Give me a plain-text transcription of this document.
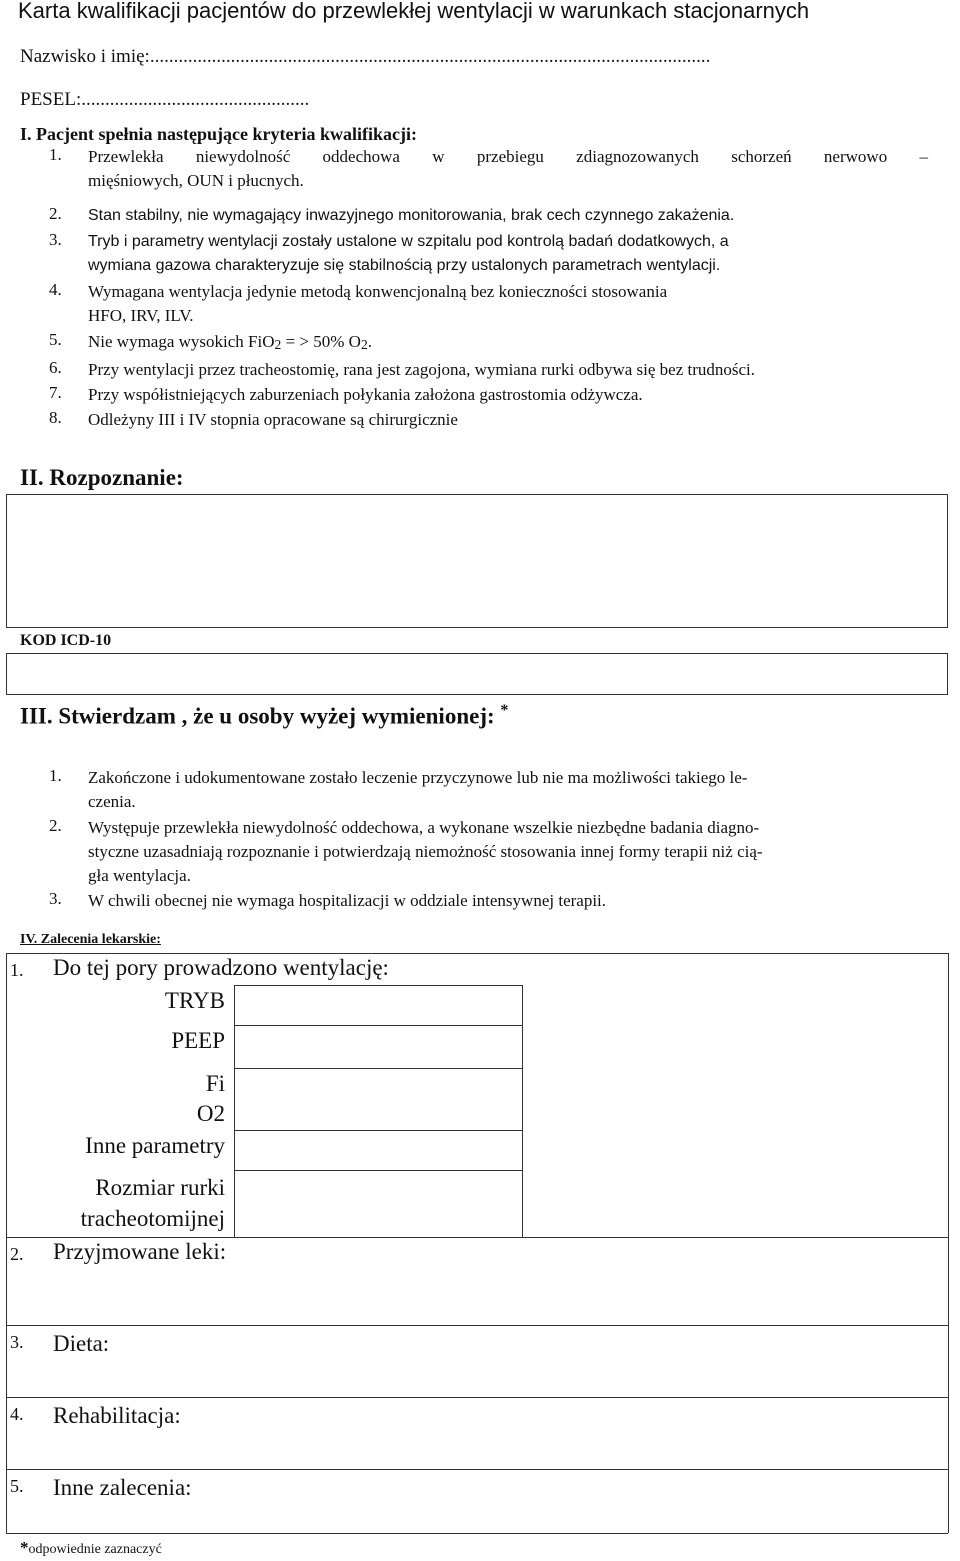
Karta kwalifikacji pacjentów do przewlekłej wentylacji w warunkach stacjonarnych
Nazwisko i imię:......................................................................................................................
PESEL:................................................
I. Pacjent spełnia następujące kryteria kwalifikacji:
1. Przewlekła niewydolność oddechowa w przebiegu zdiagnozowanych schorzeń nerwowo –
mięśniowych, OUN i płucnych.
2. Stan stabilny, nie wymagający inwazyjnego monitorowania, brak cech czynnego zakażenia.
3. Tryb i parametry wentylacji zostały ustalone w szpitalu pod kontrolą badań dodatkowych, a
wymiana gazowa charakteryzuje się stabilnością przy ustalonych parametrach wentylacji.
4. Wymagana wentylacja jedynie metodą konwencjonalną bez konieczności stosowania
HFO, IRV, ILV.
5. Nie wymaga wysokich FiO$_2$ = > 50% $O_2$.
6. Przy wentylacji przez tracheostomię, rana jest zagojona, wymiana rurki odbywa się bez trudności.
7. Przy współistniejących zaburzeniach połykania założona gastrostomia odżywcza.
8. Odleżyny III i IV stopnia opracowane są chirurgicznie
II. Rozpoznanie:
KOD ICD-10
III. Stwierdzam , że u osoby wyżej wymienionej: *
1. Zakończone i udokumentowane zostało leczenie przyczynowe lub nie ma możliwości takiego le-
czenia.
2. Występuje przewlekła niewydolność oddechowa, a wykonane wszelkie niezbędne badania diagno-
styczne uzasadniają rozpoznanie i potwierdzają niemożność stosowania innej formy terapii niż cią-
gła wentylacja.
3. W chwili obecnej nie wymaga hospitalizacji w oddziale intensywnej terapii.
IV. Zalecenia lekarskie:
1. Do tej pory prowadzono wentylację:
TRYB
PEEP
Fi
O2
Inne parametry
Rozmiar rurki
tracheotomijnej
2. Przyjmowane leki:
3. Dieta:
4. Rehabilitacja:
5. Inne zalecenia:
*odpowiednie zaznaczyć
